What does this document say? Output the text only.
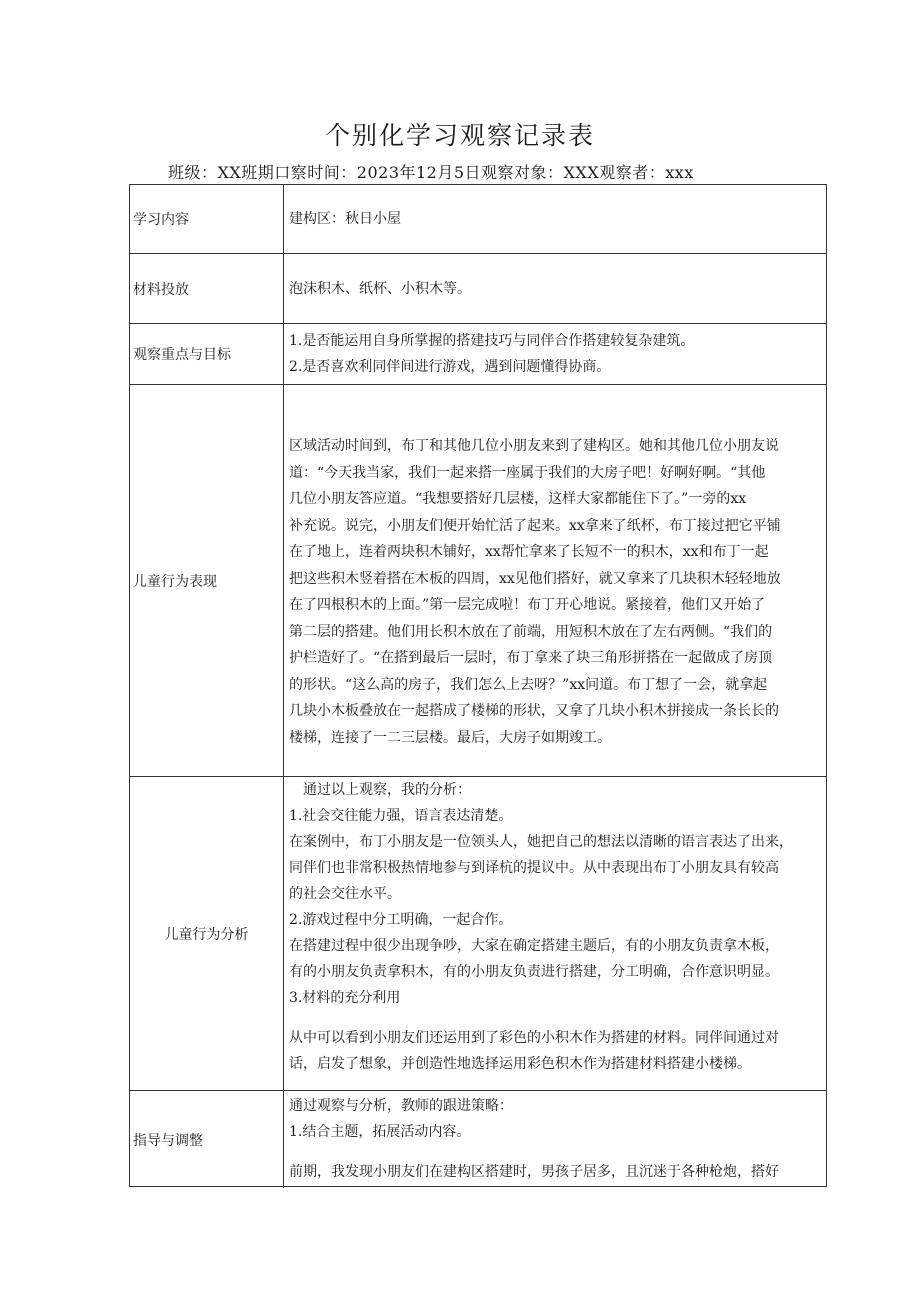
个别化学习观察记录表
班级：XX班期口察时间：2023年12月5日观察对象：XXX观察者：xxx
学习内容	建构区：秋日小屋
材料投放	泡沫积木、纸杯、小积木等。
观察重点与目标

1.是否能运用自身所掌握的搭建技巧与同伴合作搭建较复杂建筑。

2.是否喜欢利同伴间进行游戏，遇到问题懂得协商。

儿童行为表现

区域活动时间到，布丁和其他几位小朋友来到了建构区。她和其他几位小朋友说

道：“今天我当家，我们一起来搭一座属于我们的大房子吧！好啊好啊。“其他

几位小朋友答应道。“我想要搭好几层楼，这样大家都能住下了。”一旁的xx

补充说。说完，小朋友们便开始忙活了起来。xx拿来了纸杯，布丁接过把它平铺

在了地上，连着两块积木铺好，xx帮忙拿来了长短不一的积木，xx和布丁一起

把这些积木竖着搭在木板的四周，xx见他们搭好，就又拿来了几块积木轻轻地放

在了四根积木的上面。”第一层完成啦！布丁开心地说。紧接着，他们又开始了

第二层的搭建。他们用长积木放在了前端，用短积木放在了左右两侧。“我们的

护栏造好了。“在搭到最后一层时，布丁拿来了块三角形拼搭在一起做成了房顶

的形状。“这么高的房子，我们怎么上去呀？”xx问道。布丁想了一会，就拿起

几块小木板叠放在一起搭成了楼梯的形状，又拿了几块小积木拼接成一条长长的

楼梯，连接了一二三层楼。最后，大房子如期竣工。

儿童行为分析

通过以上观察，我的分析：

1.社会交往能力强，语言表达清楚。

在案例中，布丁小朋友是一位领头人，她把自己的想法以清晰的语言表达了出来，

同伴们也非常积极热情地参与到译杭的提议中。从中表现出布丁小朋友具有较高

的社会交往水平。

2.游戏过程中分工明确，一起合作。

在搭建过程中很少出现争吵，大家在确定搭建主题后，有的小朋友负责拿木板，

有的小朋友负责拿积木，有的小朋友负责进行搭建，分工明确，合作意识明显。

3.材料的充分利用

从中可以看到小朋友们还运用到了彩色的小积木作为搭建的材料。同伴间通过对

话，启发了想象，并创造性地选择运用彩色积木作为搭建材料搭建小楼梯。

指导与调整

通过观察与分析，教师的跟进策略：

1.结合主题，拓展活动内容。

前期，我发现小朋友们在建构区搭建时，男孩子居多，且沉迷于各种枪炮，搭好
